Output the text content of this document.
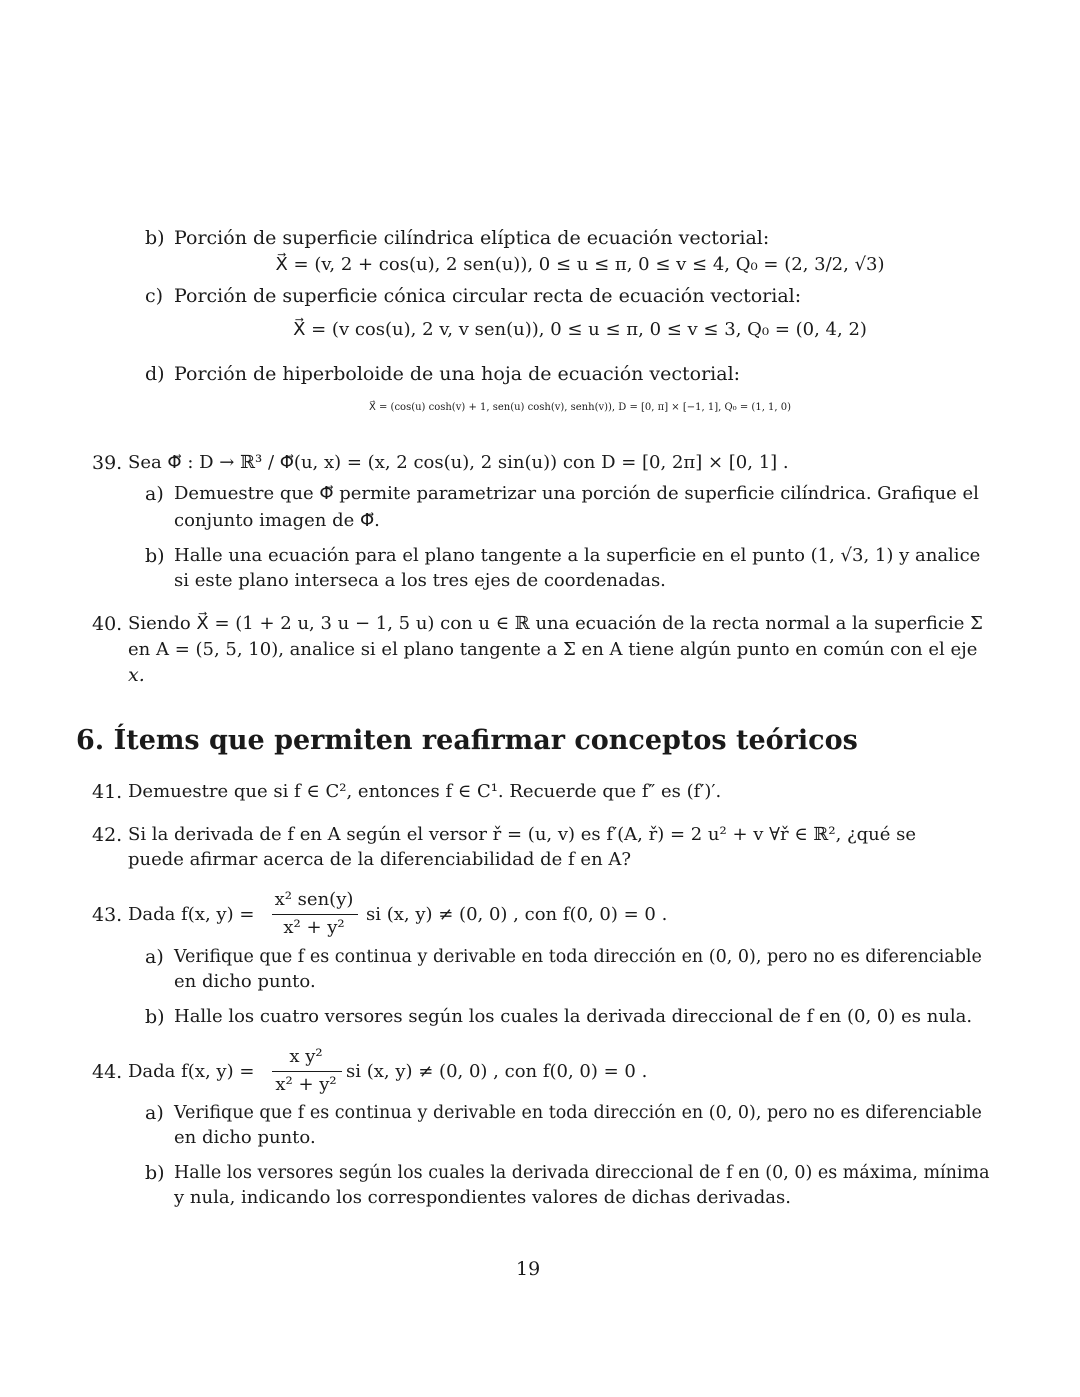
b) Porción de superficie cilíndrica elíptica de ecuación vectorial:
X⃗ = (v, 2 + cos(u), 2 sen(u)), 0 ≤ u ≤ π, 0 ≤ v ≤ 4, Q₀ = (2, 3/2, √3)
c) Porción de superficie cónica circular recta de ecuación vectorial:
X⃗ = (v cos(u), 2 v, v sen(u)), 0 ≤ u ≤ π, 0 ≤ v ≤ 3, Q₀ = (0, 4, 2)
d) Porción de hiperboloide de una hoja de ecuación vectorial:
X⃗ = (cos(u) cosh(v) + 1, sen(u) cosh(v), senh(v)), D = [0, π] × [−1, 1], Q₀ = (1, 1, 0)
39. Sea Φ⃗ : D → ℝ³ / Φ⃗(u, x) = (x, 2 cos(u), 2 sin(u)) con D = [0, 2π] × [0, 1] .
a) Demuestre que Φ⃗ permite parametrizar una porción de superficie cilíndrica. Grafique el
conjunto imagen de Φ⃗.
b) Halle una ecuación para el plano tangente a la superficie en el punto (1, √3, 1) y analice
si este plano interseca a los tres ejes de coordenadas.
40. Siendo X⃗ = (1 + 2 u, 3 u − 1, 5 u) con u ∈ ℝ una ecuación de la recta normal a la superficie Σ
en A = (5, 5, 10), analice si el plano tangente a Σ en A tiene algún punto en común con el eje
x.
6. Ítems que permiten reafirmar conceptos teóricos
41. Demuestre que si f ∈ C², entonces f ∈ C¹. Recuerde que f″ es (f′)′.
42. Si la derivada de f en A según el versor ř = (u, v) es f′(A, ř) = 2 u² + v ∀ř ∈ ℝ², ¿qué se
puede afirmar acerca de la diferenciabilidad de f en A?
43. Dada f(x, y) =
x² sen(y)
x² + y²
si (x, y) ≠ (0, 0) , con f(0, 0) = 0 .
a) Verifique que f es continua y derivable en toda dirección en (0, 0), pero no es diferenciable
en dicho punto.
b) Halle los cuatro versores según los cuales la derivada direccional de f en (0, 0) es nula.
44. Dada f(x, y) =
x y²
x² + y²
si (x, y) ≠ (0, 0) , con f(0, 0) = 0 .
a) Verifique que f es continua y derivable en toda dirección en (0, 0), pero no es diferenciable
en dicho punto.
b) Halle los versores según los cuales la derivada direccional de f en (0, 0) es máxima, mínima
y nula, indicando los correspondientes valores de dichas derivadas.
19
